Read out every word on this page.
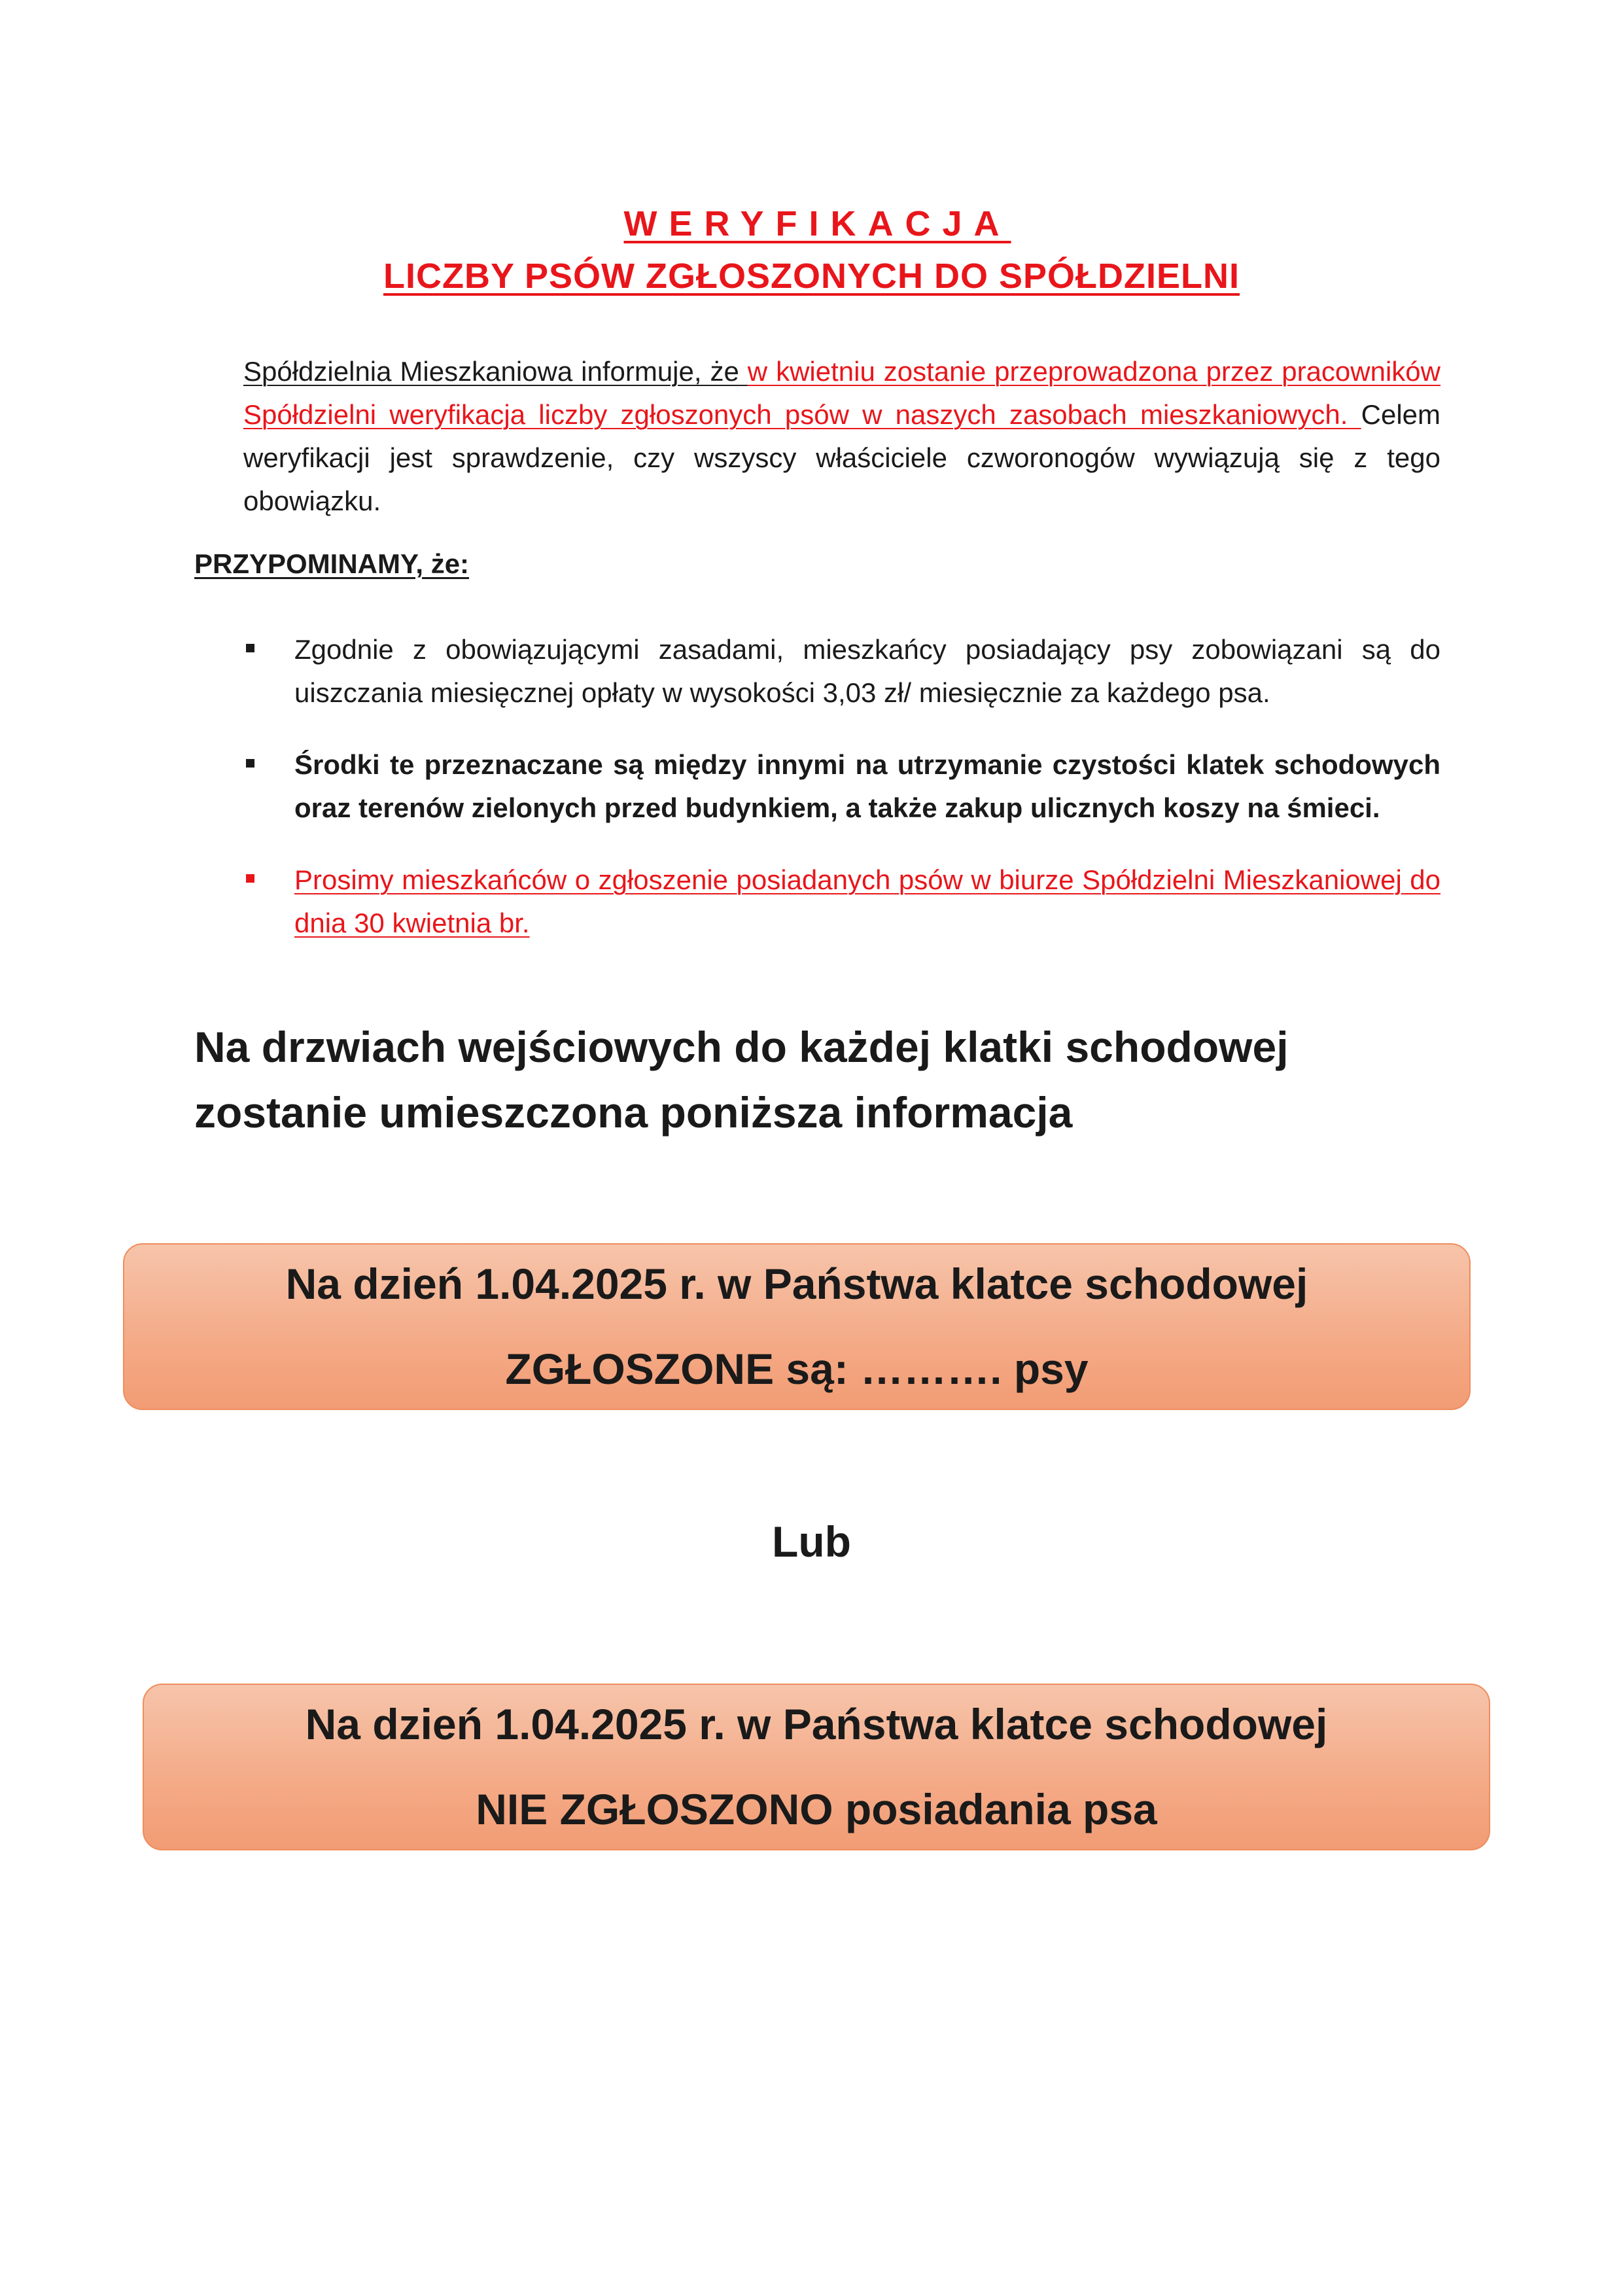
WERYFIKACJA
LICZBY PSÓW ZGŁOSZONYCH DO SPÓŁDZIELNI
Spółdzielnia Mieszkaniowa informuje, że w kwietniu zostanie przeprowadzona przez pracowników Spółdzielni weryfikacja liczby zgłoszonych psów w naszych zasobach mieszkaniowych. Celem weryfikacji jest sprawdzenie, czy wszyscy właściciele czworonogów wywiązują się z tego obowiązku.
PRZYPOMINAMY, że:
Zgodnie z obowiązującymi zasadami, mieszkańcy posiadający psy zobowiązani są do uiszczania miesięcznej opłaty w wysokości 3,03 zł/ miesięcznie za każdego psa.
Środki te przeznaczane są między innymi na utrzymanie czystości klatek schodowych oraz terenów zielonych przed budynkiem, a także zakup ulicznych koszy na śmieci.
Prosimy mieszkańców o zgłoszenie posiadanych psów w biurze Spółdzielni Mieszkaniowej do dnia 30 kwietnia br.
Na drzwiach wejściowych do każdej klatki schodowej zostanie umieszczona poniższa informacja
Na dzień 1.04.2025 r. w Państwa klatce schodowej
ZGŁOSZONE są: ………. psy
Lub
Na dzień 1.04.2025 r. w Państwa klatce schodowej
NIE ZGŁOSZONO posiadania psa
